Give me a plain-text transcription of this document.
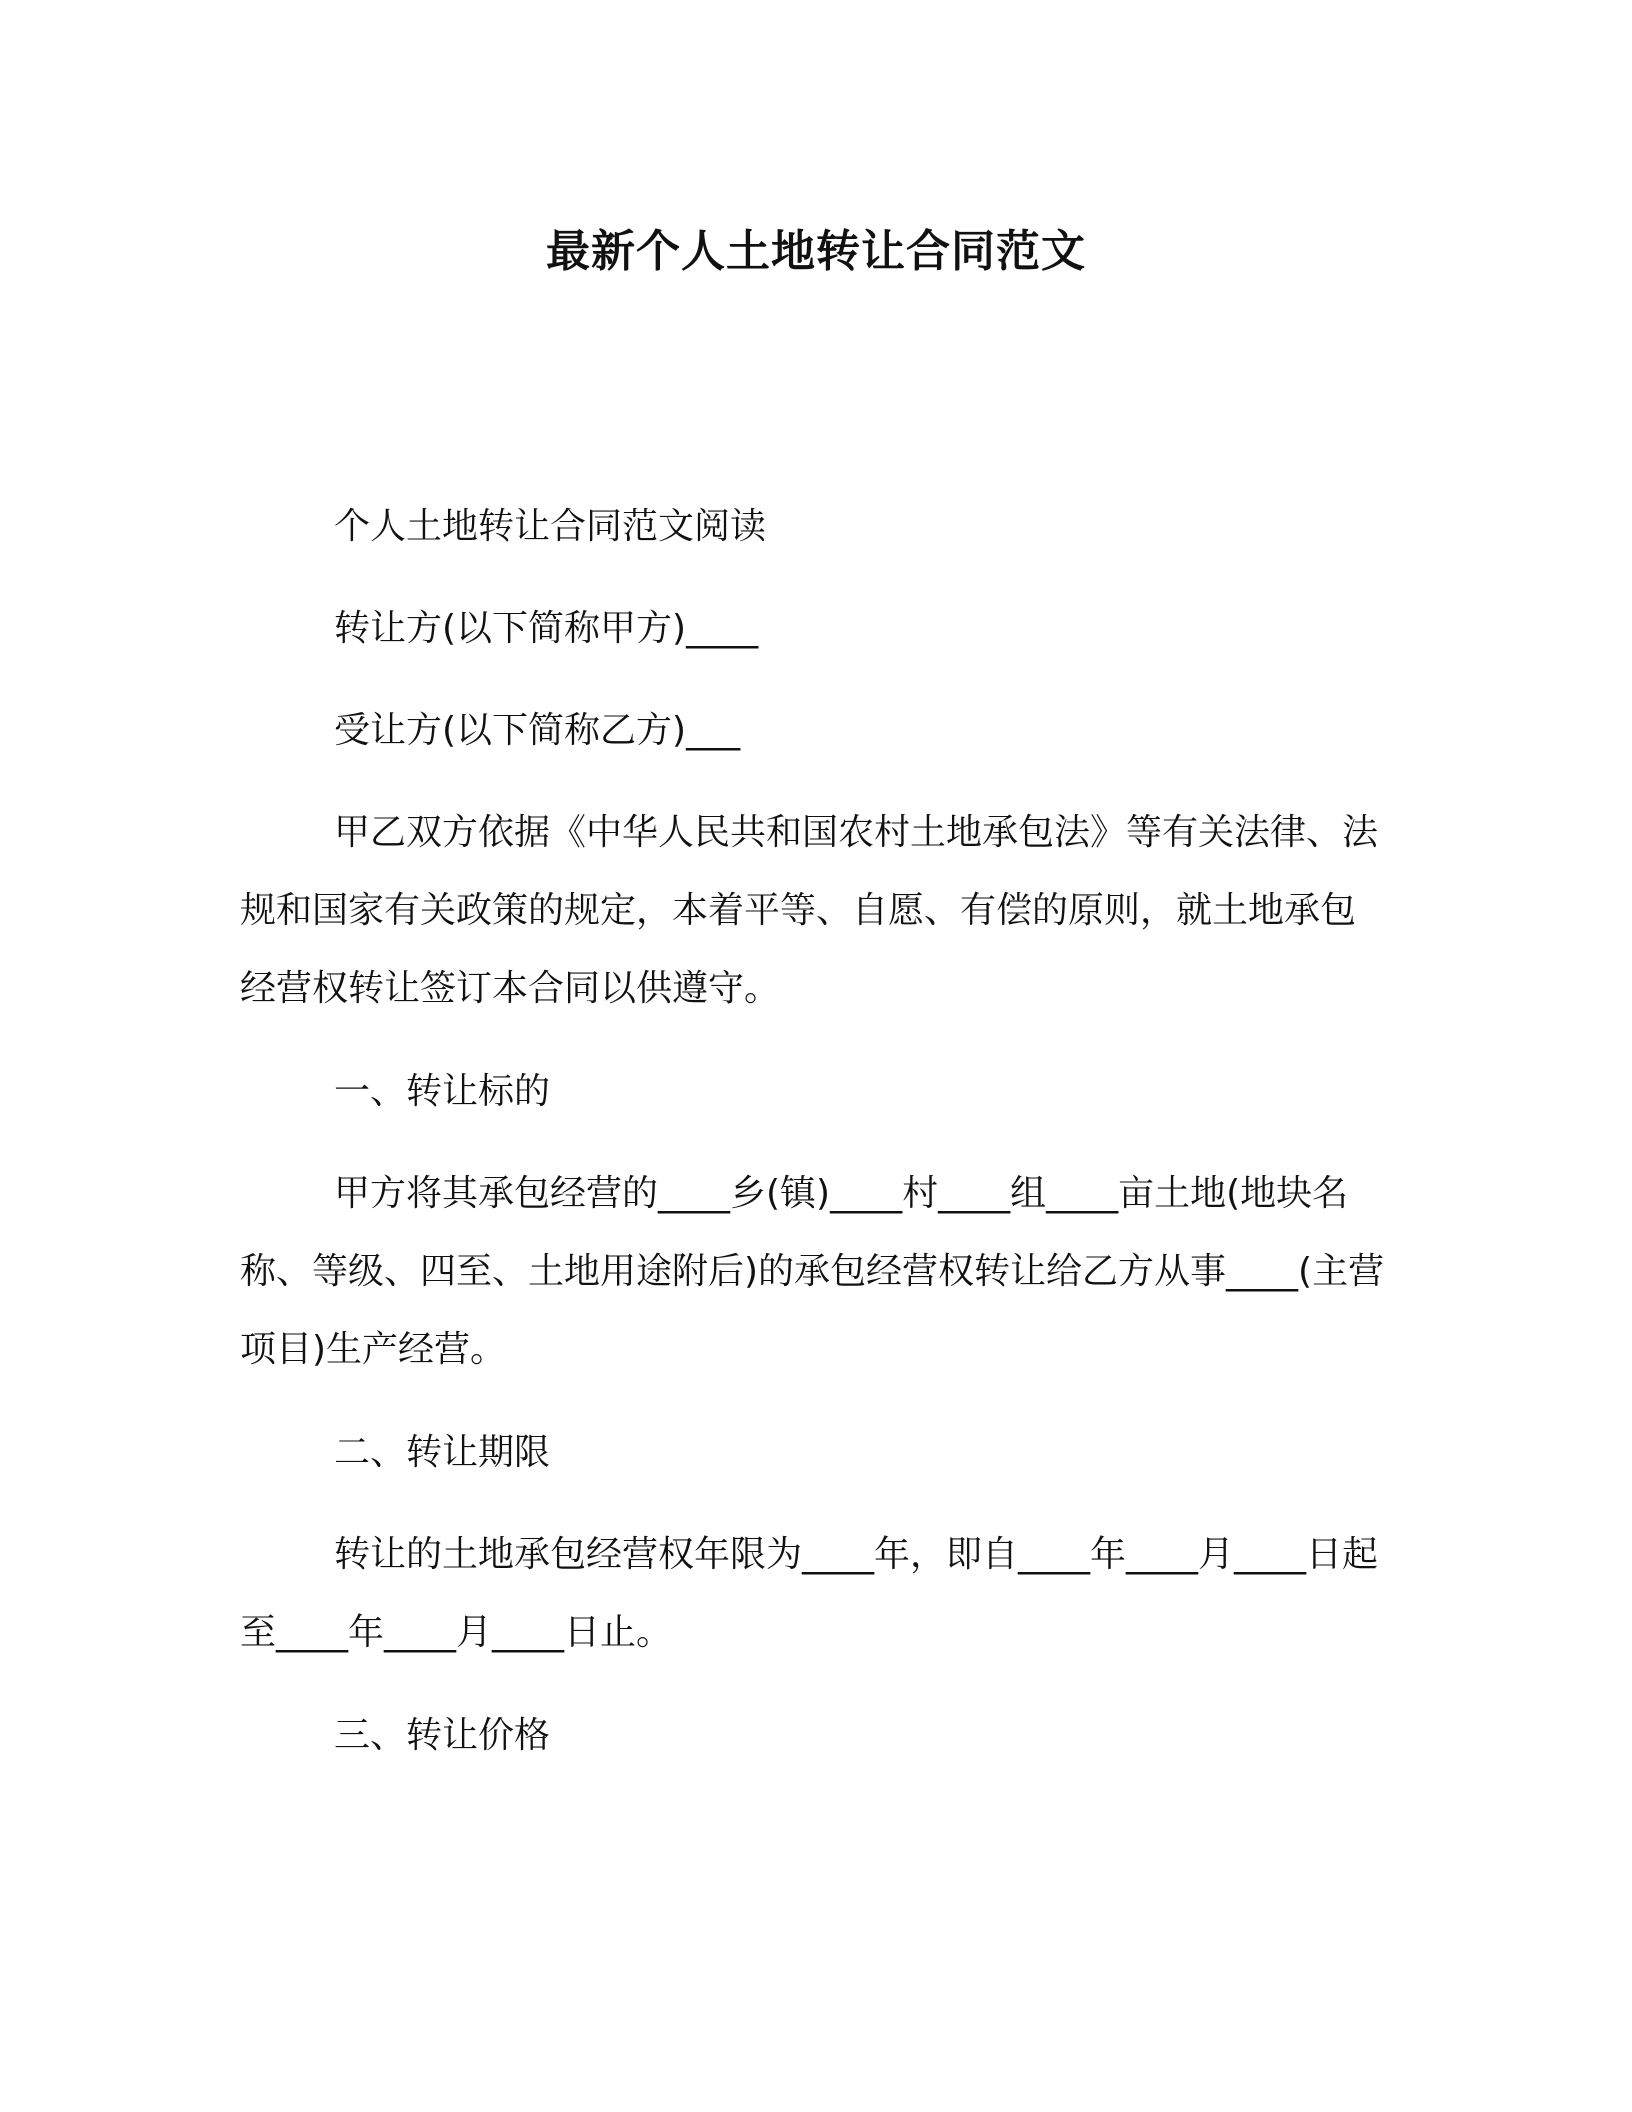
最新个人土地转让合同范文

个人土地转让合同范文阅读

转让方(以下简称甲方)____

受让方(以下简称乙方)___

甲乙双方依据《中华人民共和国农村土地承包法》等有关法律、法规和国家有关政策的规定，本着平等、自愿、有偿的原则，就土地承包经营权转让签订本合同以供遵守。

一、转让标的

甲方将其承包经营的____乡(镇)____村____组____亩土地(地块名称、等级、四至、土地用途附后)的承包经营权转让给乙方从事____(主营项目)生产经营。

二、转让期限

转让的土地承包经营权年限为____年，即自____年____月____日起至____年____月____日止。

三、转让价格
